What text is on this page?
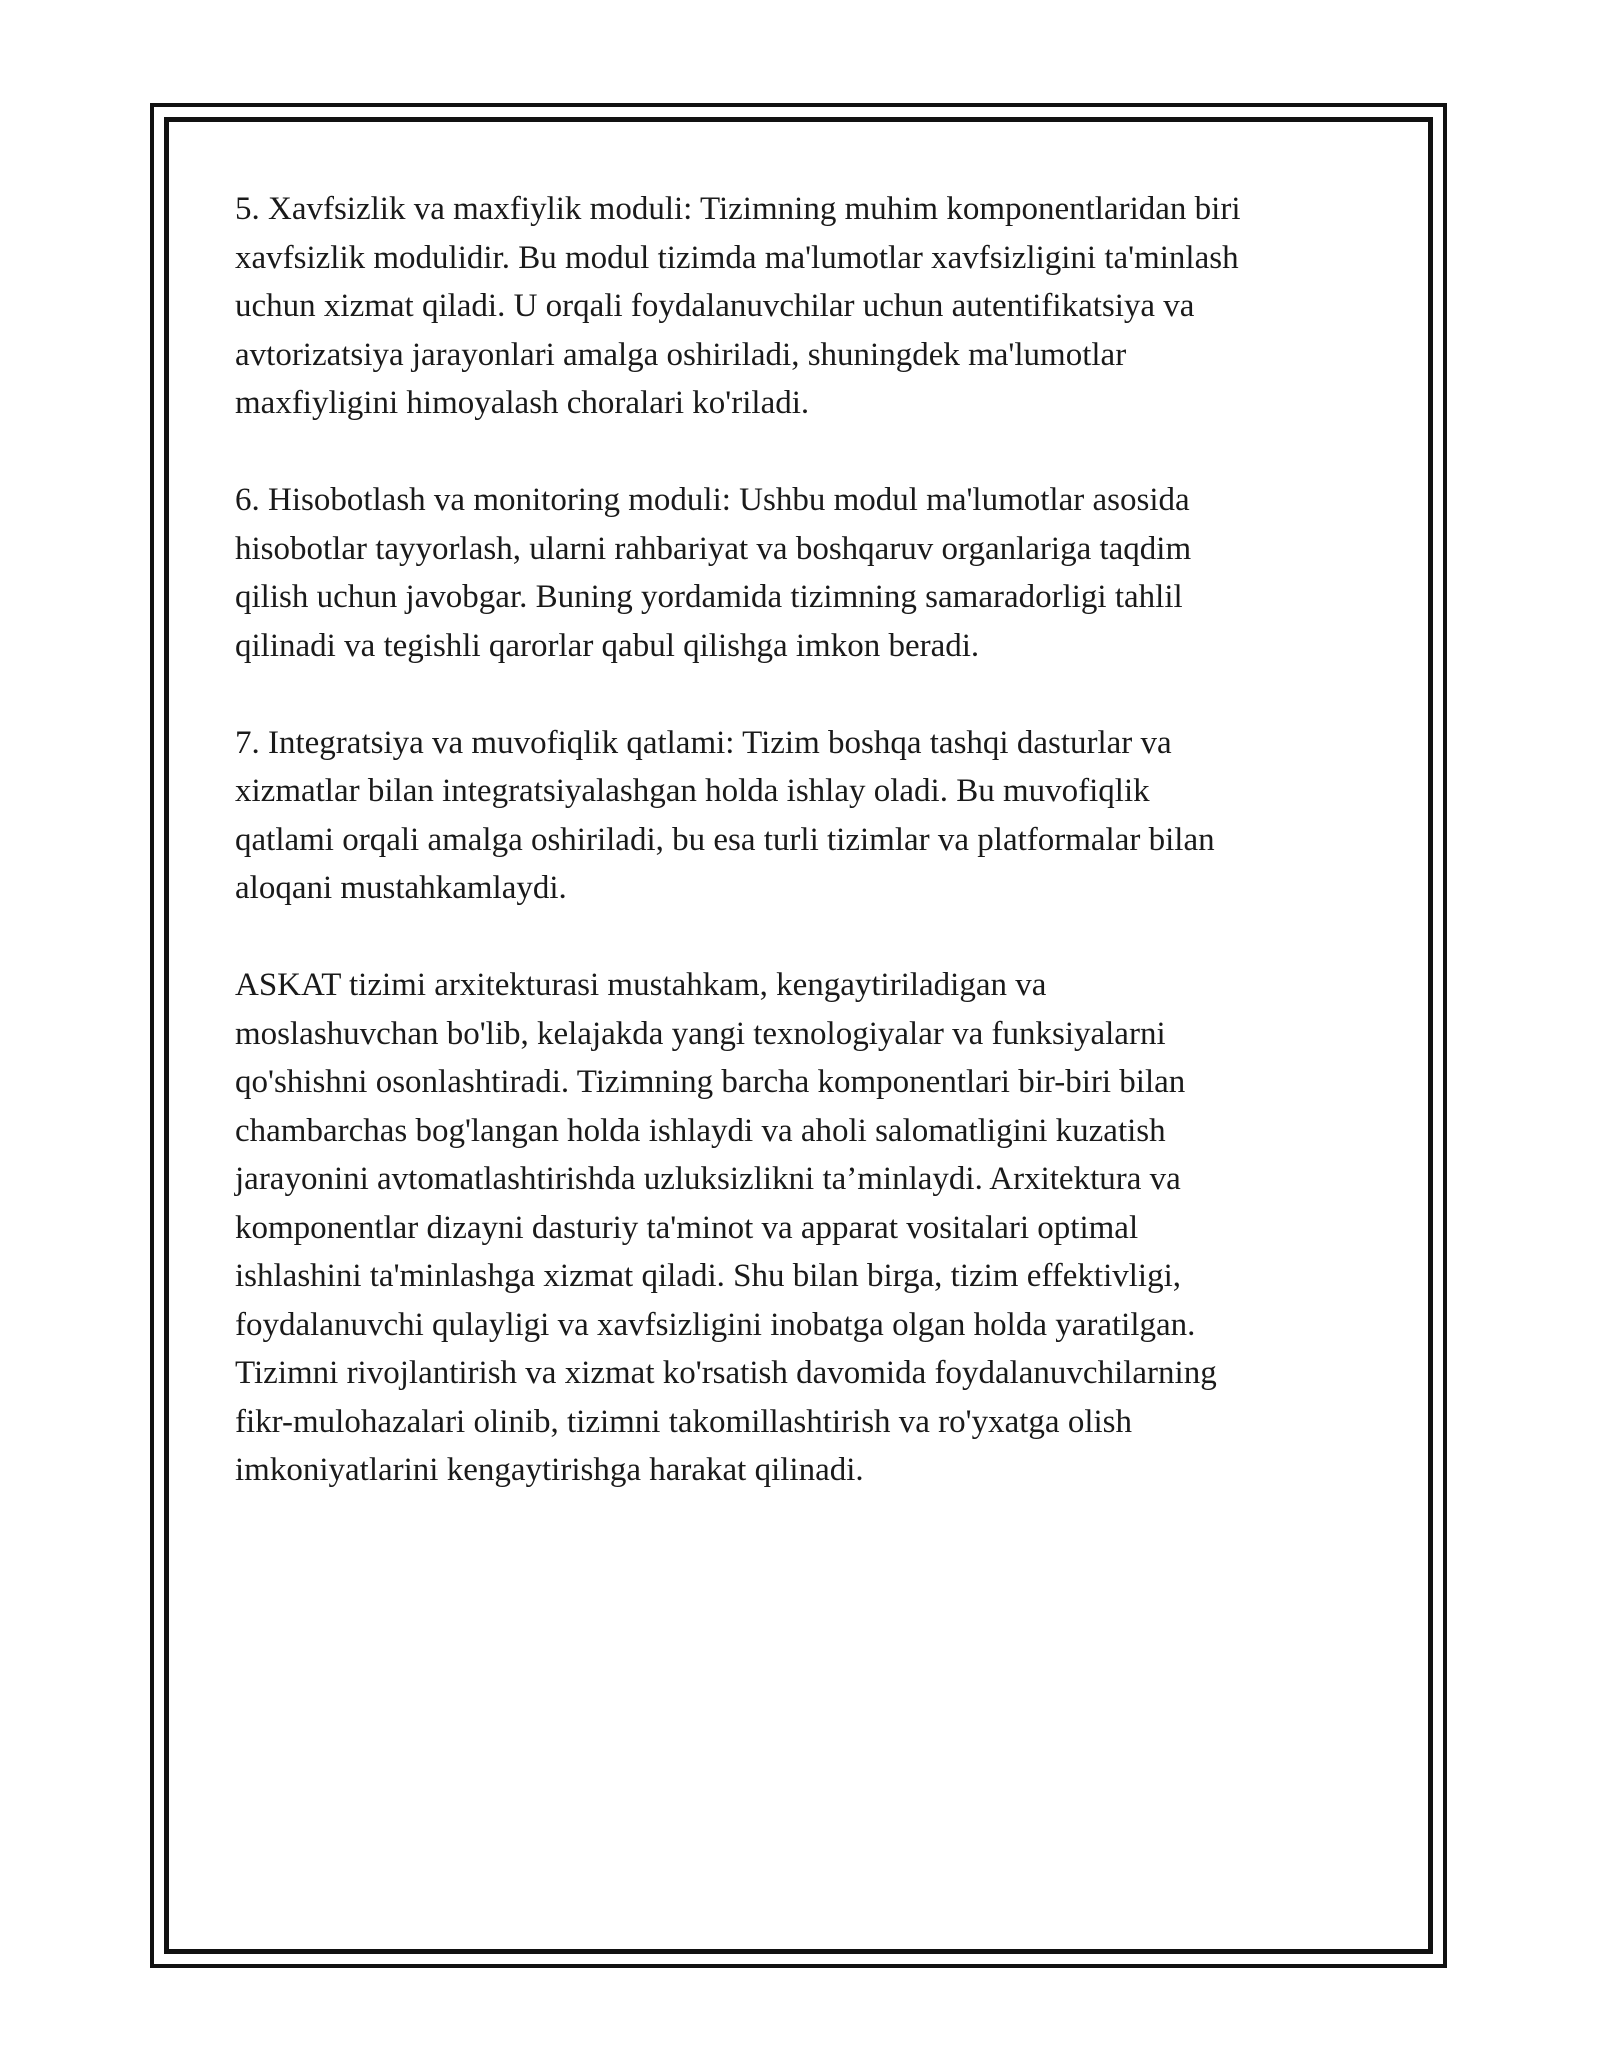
5. Xavfsizlik va maxfiylik moduli: Tizimning muhim komponentlaridan biri
xavfsizlik modulidir. Bu modul tizimda ma'lumotlar xavfsizligini ta'minlash
uchun xizmat qiladi. U orqali foydalanuvchilar uchun autentifikatsiya va
avtorizatsiya jarayonlari amalga oshiriladi, shuningdek ma'lumotlar
maxfiyligini himoyalash choralari ko'riladi.

6. Hisobotlash va monitoring moduli: Ushbu modul ma'lumotlar asosida
hisobotlar tayyorlash, ularni rahbariyat va boshqaruv organlariga taqdim
qilish uchun javobgar. Buning yordamida tizimning samaradorligi tahlil
qilinadi va tegishli qarorlar qabul qilishga imkon beradi.

7. Integratsiya va muvofiqlik qatlami: Tizim boshqa tashqi dasturlar va
xizmatlar bilan integratsiyalashgan holda ishlay oladi. Bu muvofiqlik
qatlami orqali amalga oshiriladi, bu esa turli tizimlar va platformalar bilan
aloqani mustahkamlaydi.

ASKAT tizimi arxitekturasi mustahkam, kengaytiriladigan va
moslashuvchan bo'lib, kelajakda yangi texnologiyalar va funksiyalarni
qo'shishni osonlashtiradi. Tizimning barcha komponentlari bir-biri bilan
chambarchas bog'langan holda ishlaydi va aholi salomatligini kuzatish
jarayonini avtomatlashtirishda uzluksizlikni ta’minlaydi. Arxitektura va
komponentlar dizayni dasturiy ta'minot va apparat vositalari optimal
ishlashini ta'minlashga xizmat qiladi. Shu bilan birga, tizim effektivligi,
foydalanuvchi qulayligi va xavfsizligini inobatga olgan holda yaratilgan.
Tizimni rivojlantirish va xizmat ko'rsatish davomida foydalanuvchilarning
fikr-mulohazalari olinib, tizimni takomillashtirish va ro'yxatga olish
imkoniyatlarini kengaytirishga harakat qilinadi.
